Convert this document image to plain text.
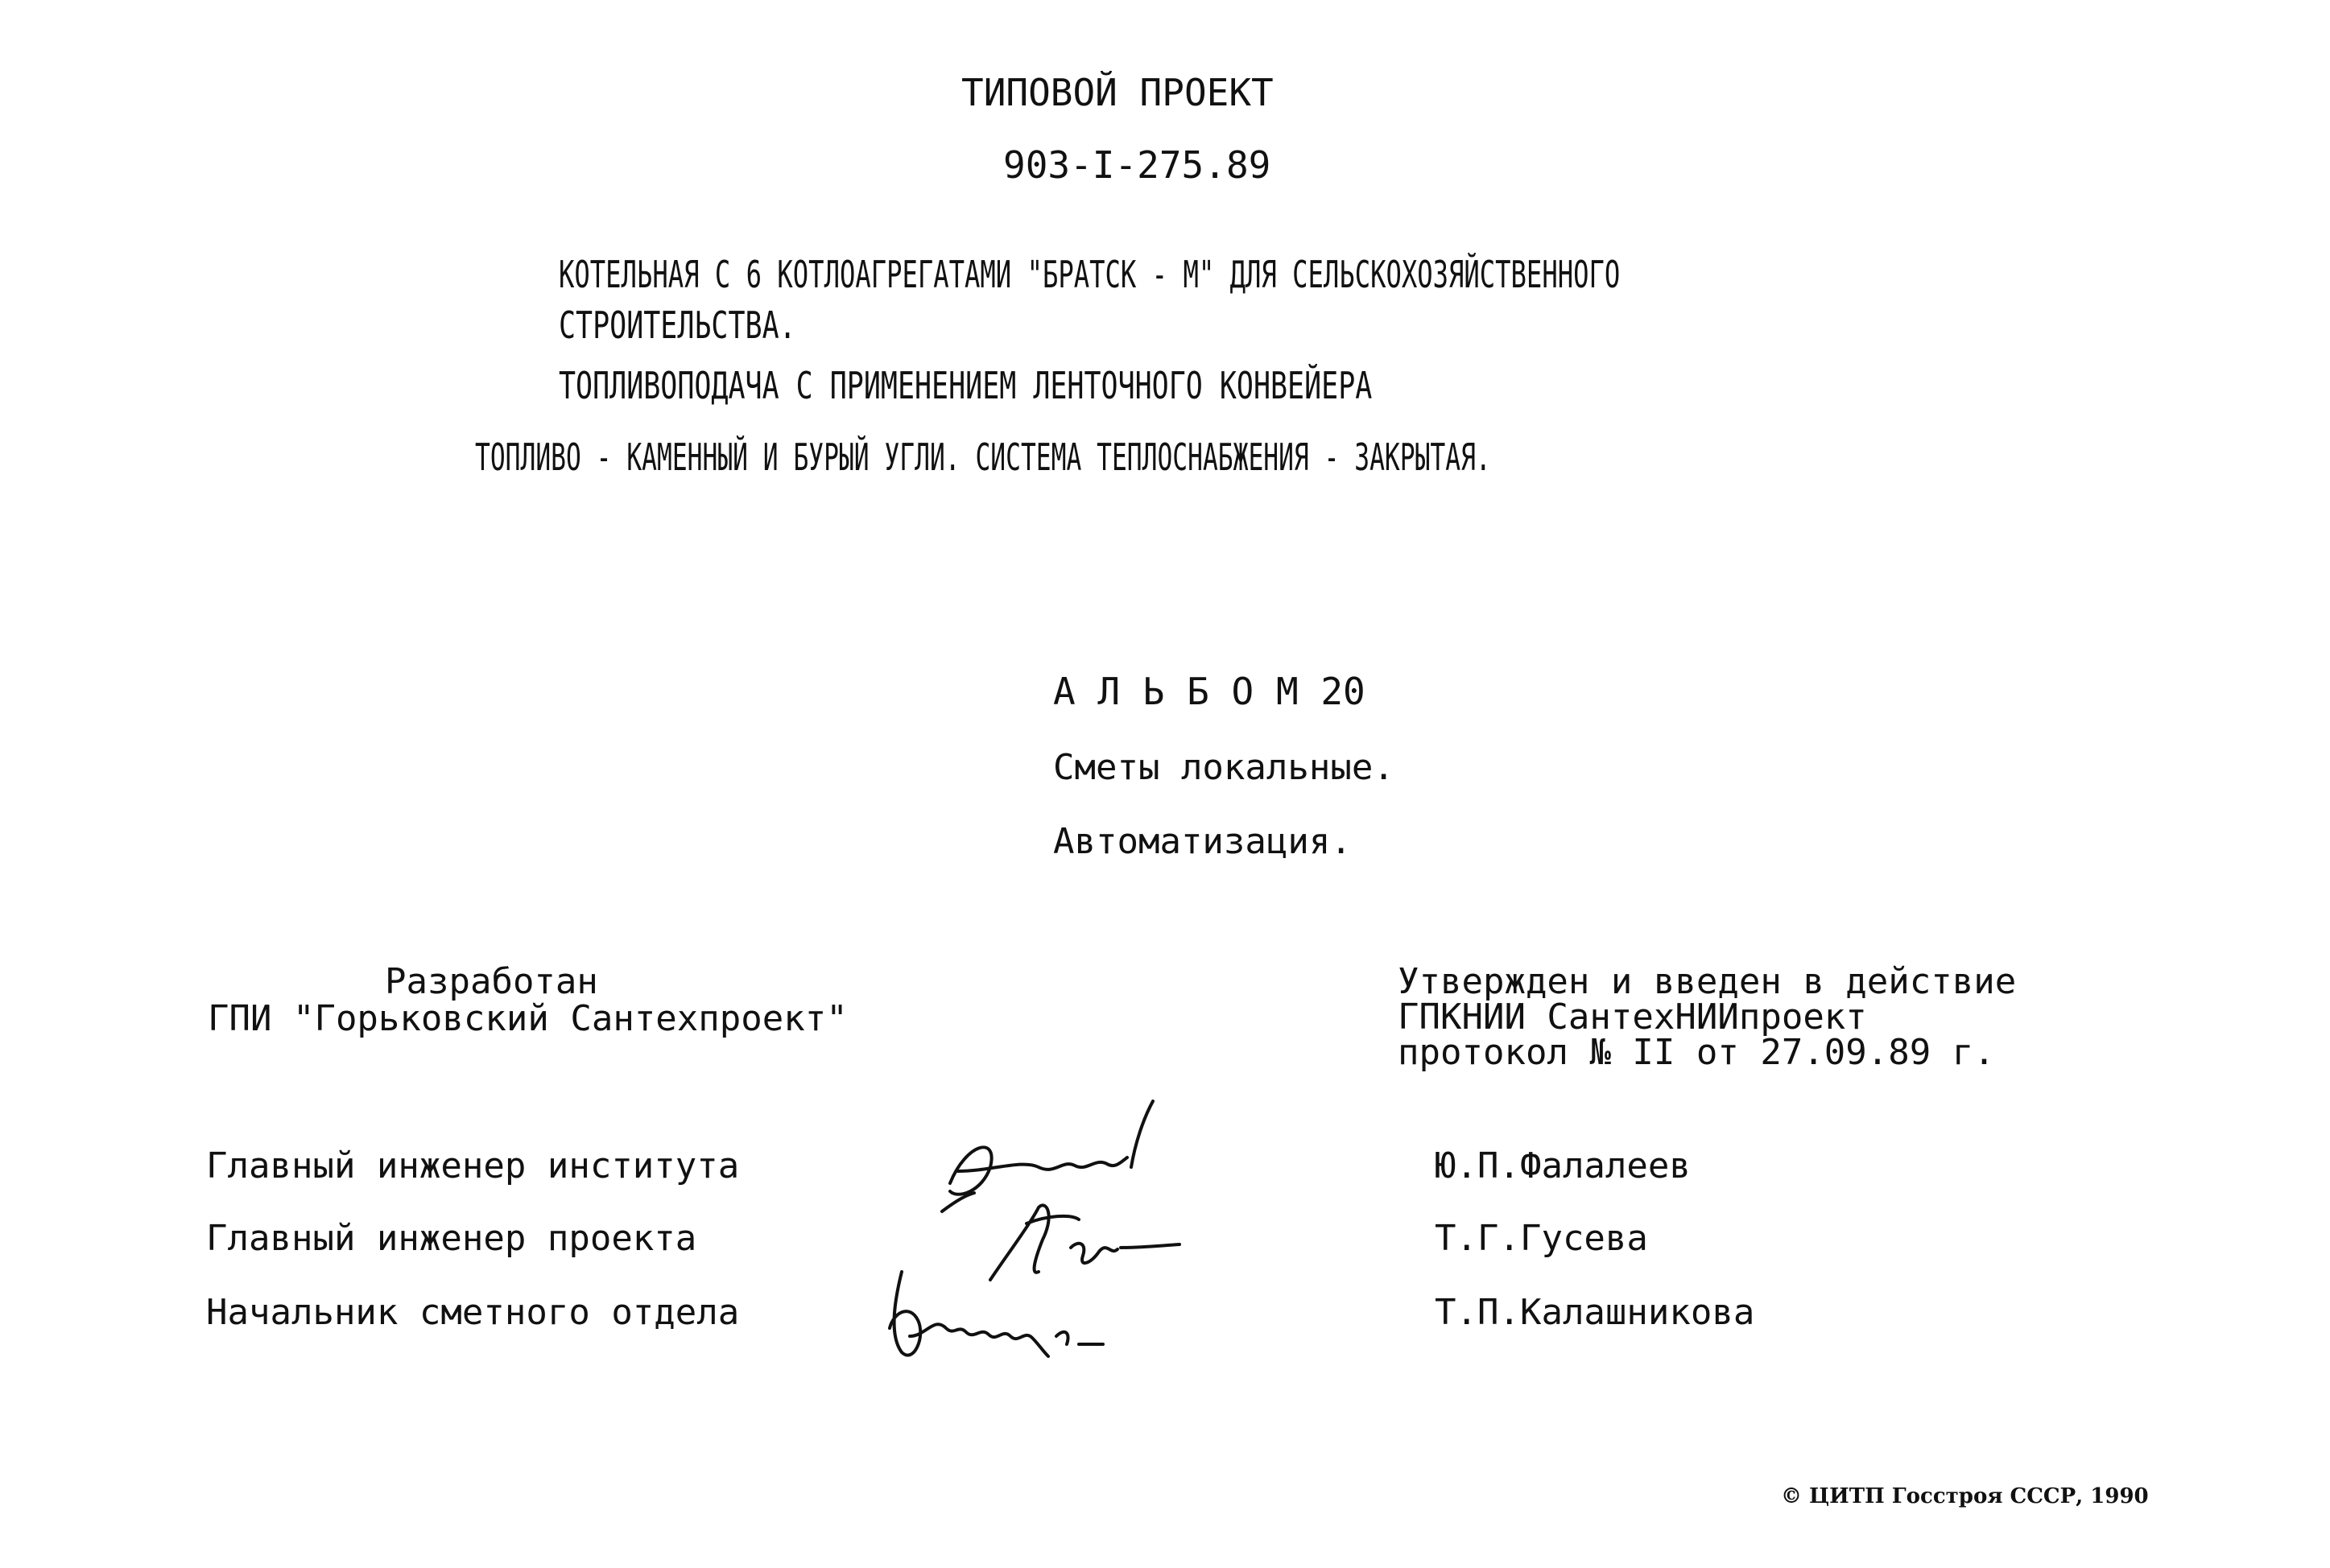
ТИПОВОЙ ПРОЕКТ
903-I-275.89
КОТЕЛЬНАЯ С 6 КОТЛОАГРЕГАТАМИ "БРАТСК - М" ДЛЯ СЕЛЬСКОХОЗЯЙСТВЕННОГО
СТРОИТЕЛЬСТВА.
ТОПЛИВОПОДАЧА С ПРИМЕНЕНИЕМ ЛЕНТОЧНОГО КОНВЕЙЕРА
ТОПЛИВО - КАМЕННЫЙ И БУРЫЙ УГЛИ. СИСТЕМА ТЕПЛОСНАБЖЕНИЯ - ЗАКРЫТАЯ.
А Л Ь Б О М 20
Сметы локальные.
Автоматизация.
Разработан
ГПИ "Горьковский Сантехпроект"
Утвержден и введен в действие
ГПКНИИ СантехНИИпроект
протокол № II от 27.09.89 г.
Главный инженер института
Главный инженер проекта
Начальник сметного отдела
Ю.П.Фалалеев
Т.Г.Гусева
Т.П.Калашникова
© ЦИТП Госстроя СССР, 1990
